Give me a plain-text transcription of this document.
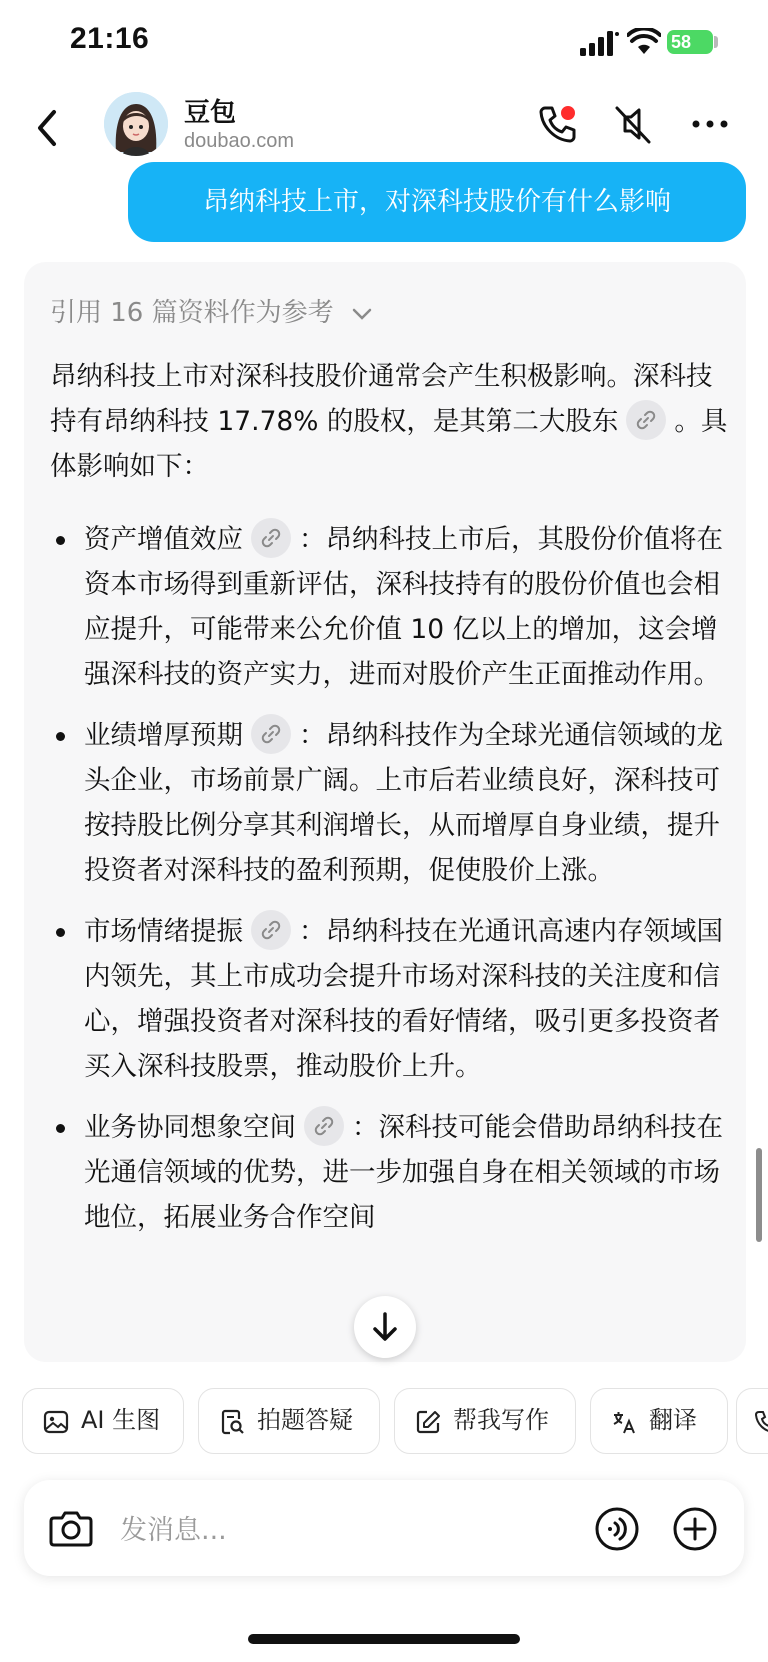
21:16	58
豆包
doubao.com
昂纳科技上市，对深科技股价有什么影响
引用 16 篇资料作为参考

昂纳科技上市对深科技股价通常会产生积极影响。深科技持有昂纳科技 17.78% 的股权，是其第二大股东 。具体影响如下：

资产增值效应 ：昂纳科技上市后，其股份价值将在资本市场得到重新评估，深科技持有的股份价值也会相应提升，可能带来公允价值 10 亿以上的增加，这会增强深科技的资产实力，进而对股价产生正面推动作用。
业绩增厚预期 ：昂纳科技作为全球光通信领域的龙头企业，市场前景广阔。上市后若业绩良好，深科技可按持股比例分享其利润增长，从而增厚自身业绩，提升投资者对深科技的盈利预期，促使股价上涨。
市场情绪提振 ：昂纳科技在光通讯高速内存领域国内领先，其上市成功会提升市场对深科技的关注度和信心，增强投资者对深科技的看好情绪，吸引更多投资者买入深科技股票，推动股价上升。
业务协同想象空间 ：深科技可能会借助昂纳科技在光通信领域的优势，进一步加强自身在相关领域的市场地位，拓展业务合作空间
AI 生图	拍题答疑	帮我写作	翻译
发消息...
